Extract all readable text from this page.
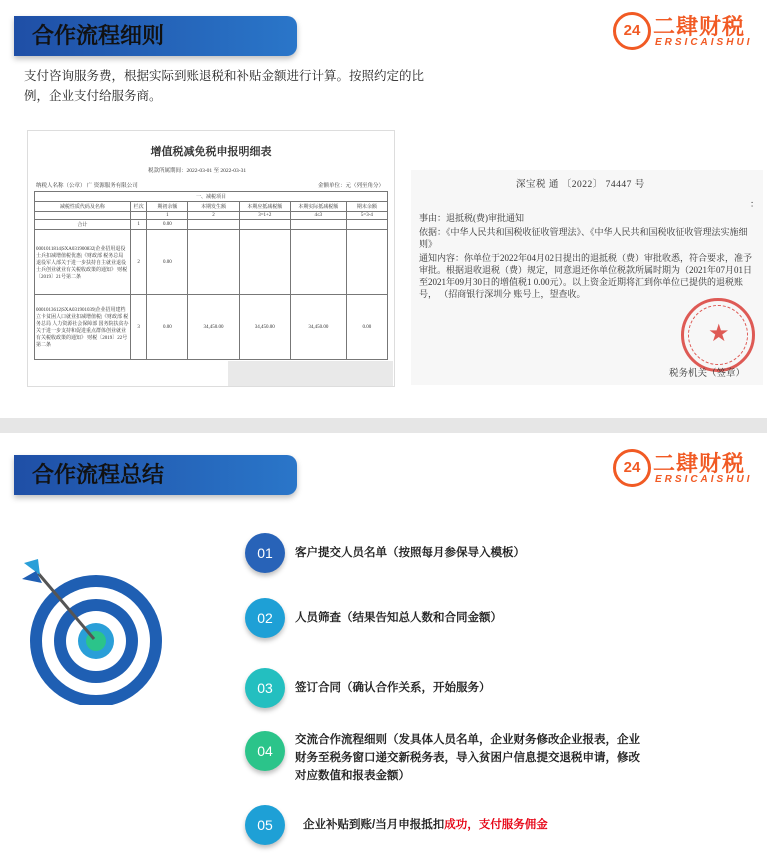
合作流程细则	24 二肆财税
ERSICAISHUI
支付咨询服务费，根据实际到账退税和补贴金额进行计算。按照约定的比例，企业支付给服务商。
增值税减免税申报明细表
税款所属期间：2022-03-01 至 2022-03-31
纳税人名称（公章） 广 资源服务有限公司	金额单位：元（列至角分）
一、减税项目						
减税性质代码及名称	栏次	期初余额	本期发生额	本期应抵减税额	本期实际抵减税额	期末余额
		1	2	3=1+2	4≤3	5=3-4
合计	1	0.00				
0001011814|SXA031900832|企业招用退役士兵扣减增值税优惠|《财政部 税务总局 退役军人部关于进一步扶持自主就业退役士兵创业就业有关税收政策的通知》 财税〔2019〕21号第二条	2	0.00				
0001013612|SXA031901039|企业招用建档立卡贫困人口就业扣减增值税|《财政部 税务总局 人力资源社会保障部 国务院扶贫办关于进一步支持和促进重点群体创业就业有关税收政策的通知》 财税〔2019〕22号第二条	3	0.00	34,450.00	34,450.00	34,450.00	0.00
深宝税 通 〔2022〕 74447 号
：
事由：退抵税(费)审批通知
依据：《中华人民共和国税收征收管理法》、《中华人民共和国税收征收管理法实施细则》
通知内容：你单位于2022年04月02日提出的退抵税（费）审批收悉，符合要求，准予审批。根据退收退税（费）规定，同意退还你单位税款所属时期为（2021年07月01日至2021年09月30日的增值税1 0.00元）。以上资金近期将汇到你单位已提供的退税账号， （招商银行深圳分 账号上，望查收。
★
税务机关（签章）
合作流程总结	24 二肆财税
ERSICAISHUI
01	客户提交人员名单（按照每月参保导入模板）
02	人员筛查（结果告知总人数和合同金额）
03	签订合同（确认合作关系，开始服务）
04
交流合作流程细则（发具体人员名单，企业财务修改企业报表，企业财务至税务窗口递交新税务表，导入贫困户信息提交退税申请，修改对应数值和报表金额）
05	企业补贴到账/当月申报抵扣成功，支付服务佣金
